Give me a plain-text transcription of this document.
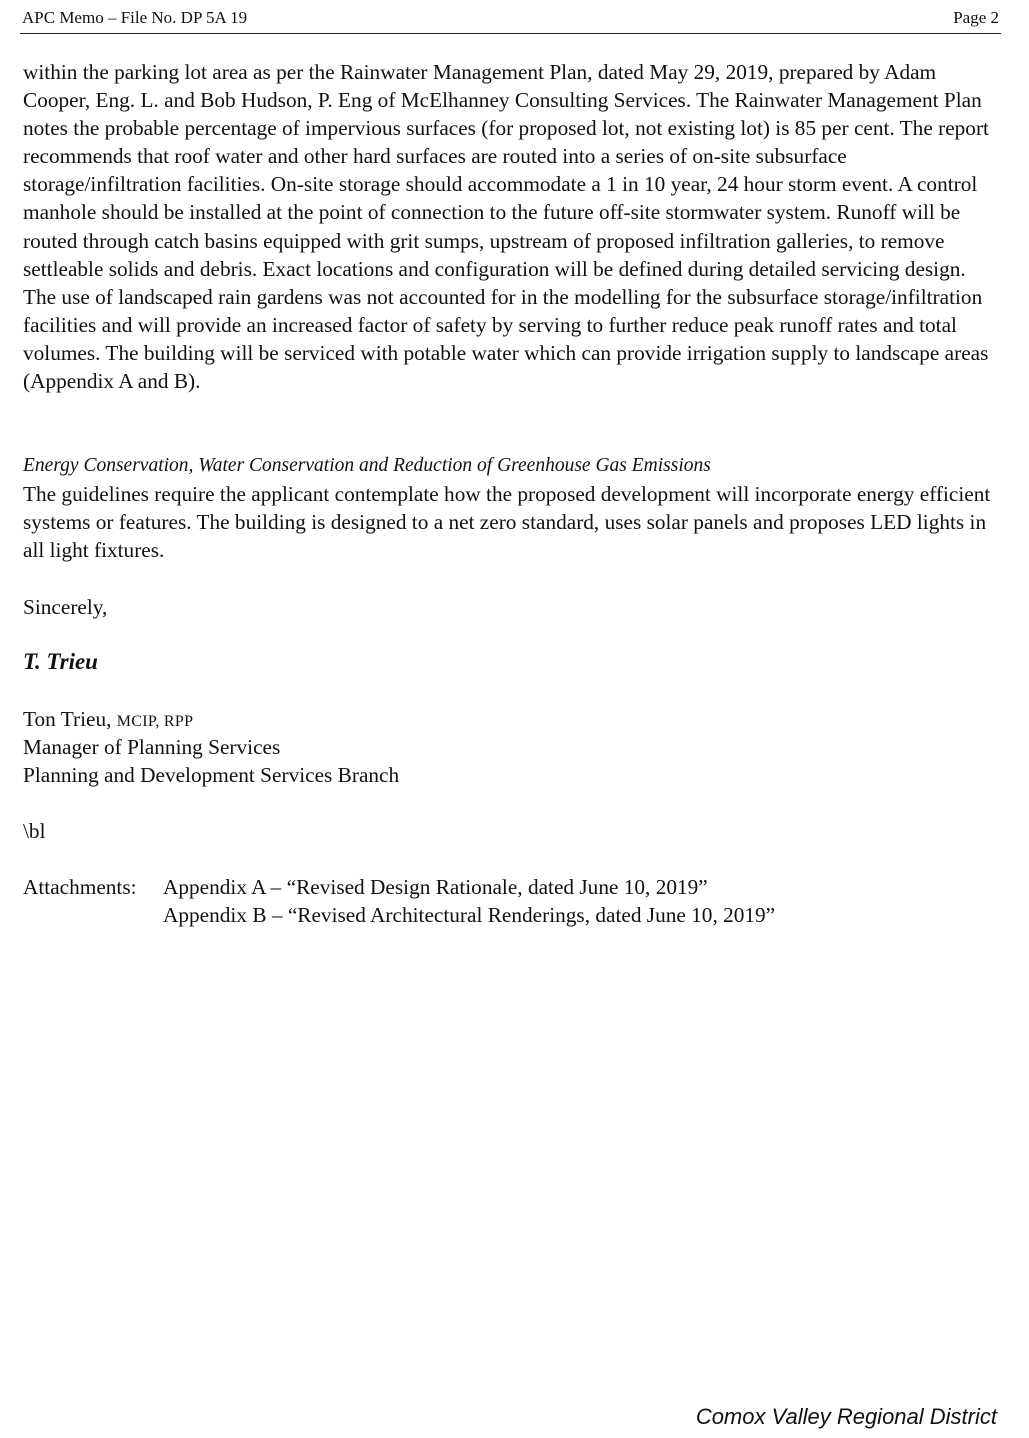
APC Memo – File No. DP 5A 19	Page 2

within the parking lot area as per the Rainwater Management Plan, dated May 29, 2019, prepared by Adam Cooper, Eng. L. and Bob Hudson, P. Eng of McElhanney Consulting Services. The Rainwater Management Plan notes the probable percentage of impervious surfaces (for proposed lot, not existing lot) is 85 per cent. The report recommends that roof water and other hard surfaces are routed into a series of on-site subsurface storage/infiltration facilities. On-site storage should accommodate a 1 in 10 year, 24 hour storm event. A control manhole should be installed at the point of connection to the future off-site stormwater system. Runoff will be routed through catch basins equipped with grit sumps, upstream of proposed infiltration galleries, to remove settleable solids and debris. Exact locations and configuration will be defined during detailed servicing design. The use of landscaped rain gardens was not accounted for in the modelling for the subsurface storage/infiltration facilities and will provide an increased factor of safety by serving to further reduce peak runoff rates and total volumes. The building will be serviced with potable water which can provide irrigation supply to landscape areas (Appendix A and B).

Energy Conservation, Water Conservation and Reduction of Greenhouse Gas Emissions

The guidelines require the applicant contemplate how the proposed development will incorporate energy efficient systems or features. The building is designed to a net zero standard, uses solar panels and proposes LED lights in all light fixtures.

Sincerely,
T. Trieu
Ton Trieu, MCIP, RPP
Manager of Planning Services
Planning and Development Services Branch
\bl
Attachments: Appendix A – “Revised Design Rationale, dated June 10, 2019”
Appendix B – “Revised Architectural Renderings, dated June 10, 2019”
Comox Valley Regional District
